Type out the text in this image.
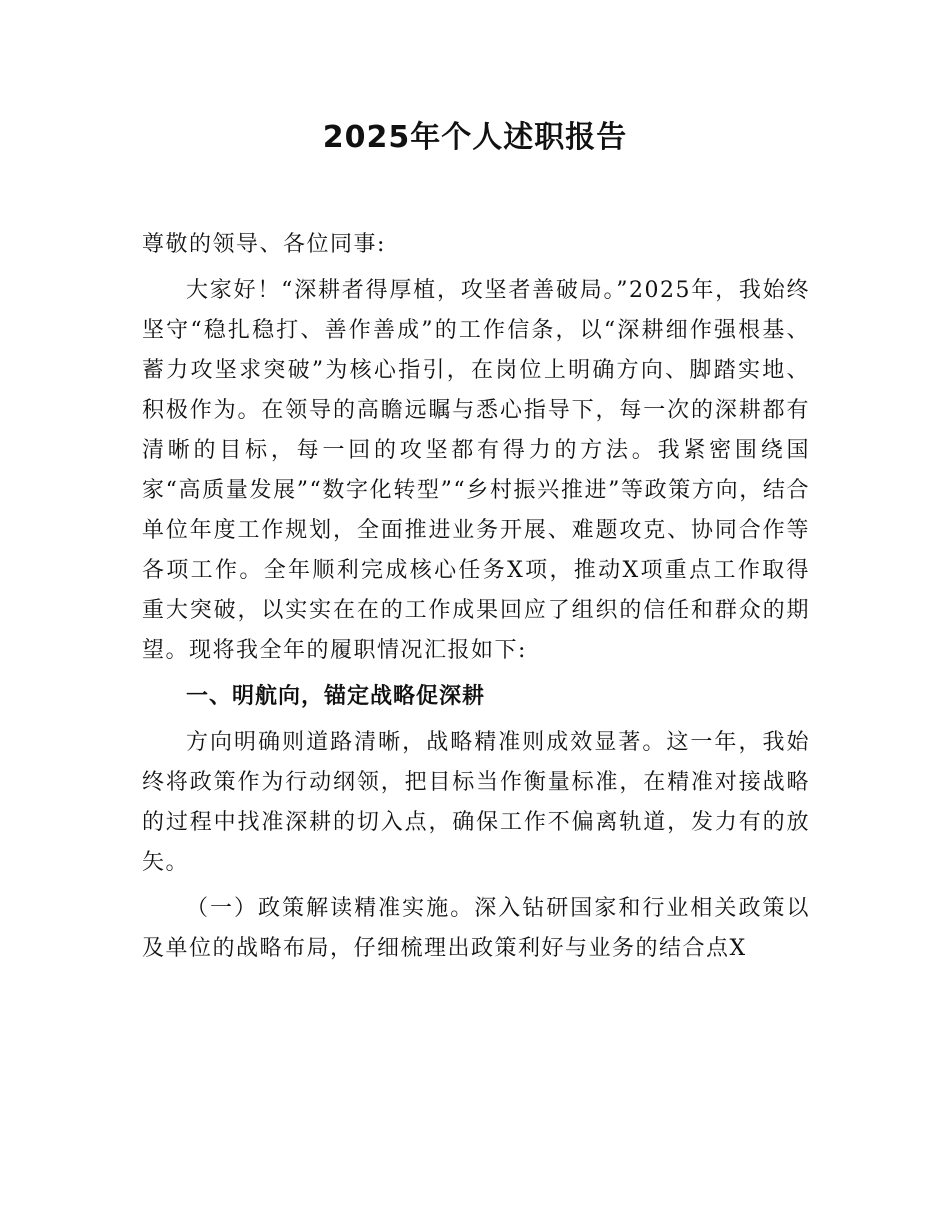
2025年个人述职报告

尊敬的领导、各位同事:

大家好！“深耕者得厚植，攻坚者善破局。”2025年，我始终坚守“稳扎稳打、善作善成”的工作信条，以“深耕细作强根基、蓄力攻坚求突破”为核心指引，在岗位上明确方向、脚踏实地、积极作为。在领导的高瞻远瞩与悉心指导下，每一次的深耕都有清晰的目标，每一回的攻坚都有得力的方法。我紧密围绕国家“高质量发展”“数字化转型”“乡村振兴推进”等政策方向，结合单位年度工作规划，全面推进业务开展、难题攻克、协同合作等各项工作。全年顺利完成核心任务X项，推动X项重点工作取得重大突破，以实实在在的工作成果回应了组织的信任和群众的期望。现将我全年的履职情况汇报如下:

一、明航向，锚定战略促深耕

方向明确则道路清晰，战略精准则成效显著。这一年，我始终将政策作为行动纲领，把目标当作衡量标准，在精准对接战略的过程中找准深耕的切入点，确保工作不偏离轨道，发力有的放矢。

（一）政策解读精准实施。深入钻研国家和行业相关政策以及单位的战略布局，仔细梳理出政策利好与业务的结合点X
